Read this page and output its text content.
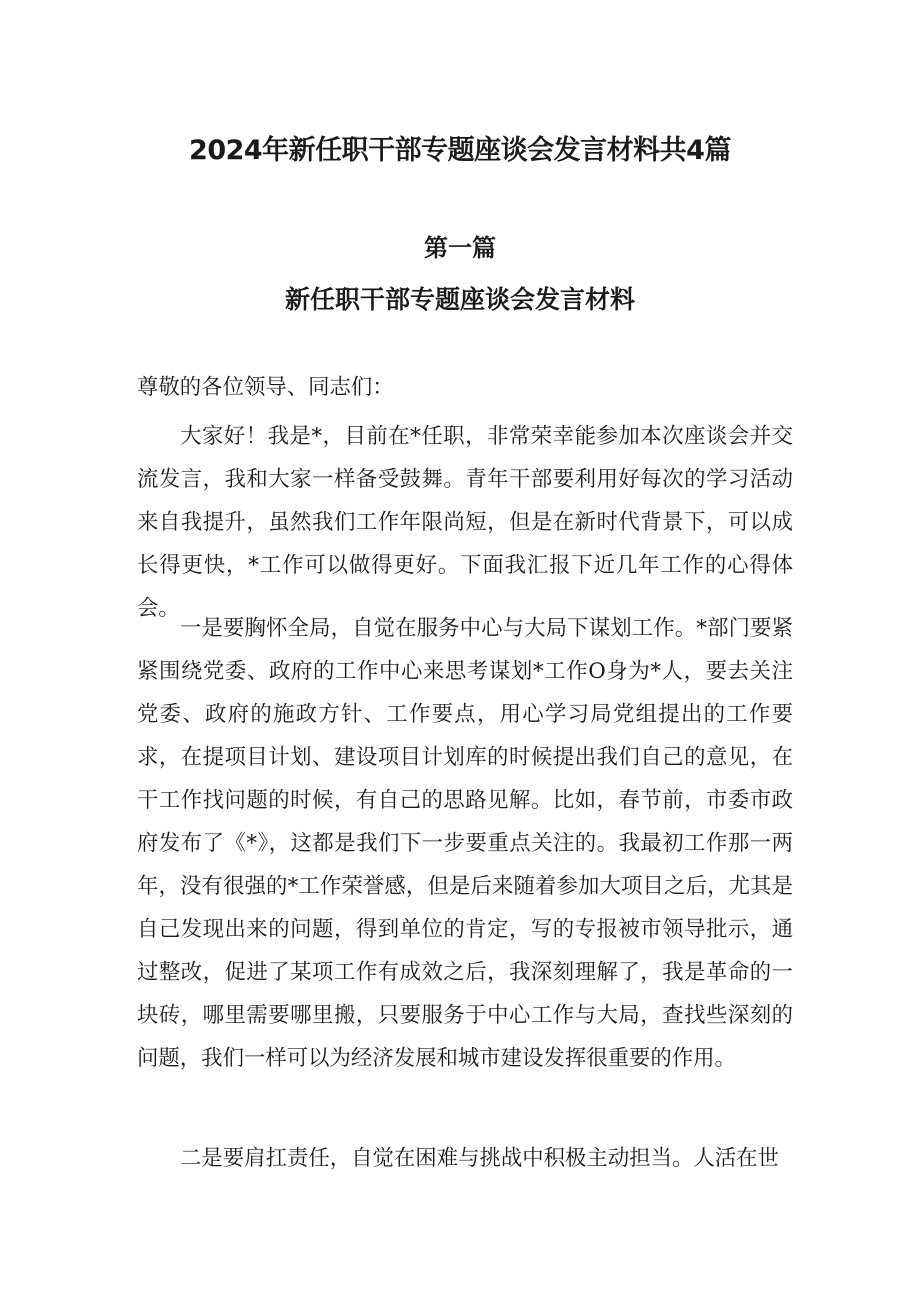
2024年新任职干部专题座谈会发言材料共4篇
第一篇
新任职干部专题座谈会发言材料

尊敬的各位领导、同志们：

大家好！我是*，目前在*任职，非常荣幸能参加本次座谈会并交流发言，我和大家一样备受鼓舞。青年干部要利用好每次的学习活动来自我提升，虽然我们工作年限尚短，但是在新时代背景下，可以成长得更快，*工作可以做得更好。下面我汇报下近几年工作的心得体会。

一是要胸怀全局，自觉在服务中心与大局下谋划工作。*部门要紧紧围绕党委、政府的工作中心来思考谋划*工作O身为*人，要去关注党委、政府的施政方针、工作要点，用心学习局党组提出的工作要求，在提项目计划、建设项目计划库的时候提出我们自己的意见，在干工作找问题的时候，有自己的思路见解。比如，春节前，市委市政府发布了《*》，这都是我们下一步要重点关注的。我最初工作那一两年，没有很强的*工作荣誉感，但是后来随着参加大项目之后，尤其是自己发现出来的问题，得到单位的肯定，写的专报被市领导批示，通过整改，促进了某项工作有成效之后，我深刻理解了，我是革命的一块砖，哪里需要哪里搬，只要服务于中心工作与大局，查找些深刻的问题，我们一样可以为经济发展和城市建设发挥很重要的作用。

二是要肩扛责任，自觉在困难与挑战中积极主动担当。人活在世
